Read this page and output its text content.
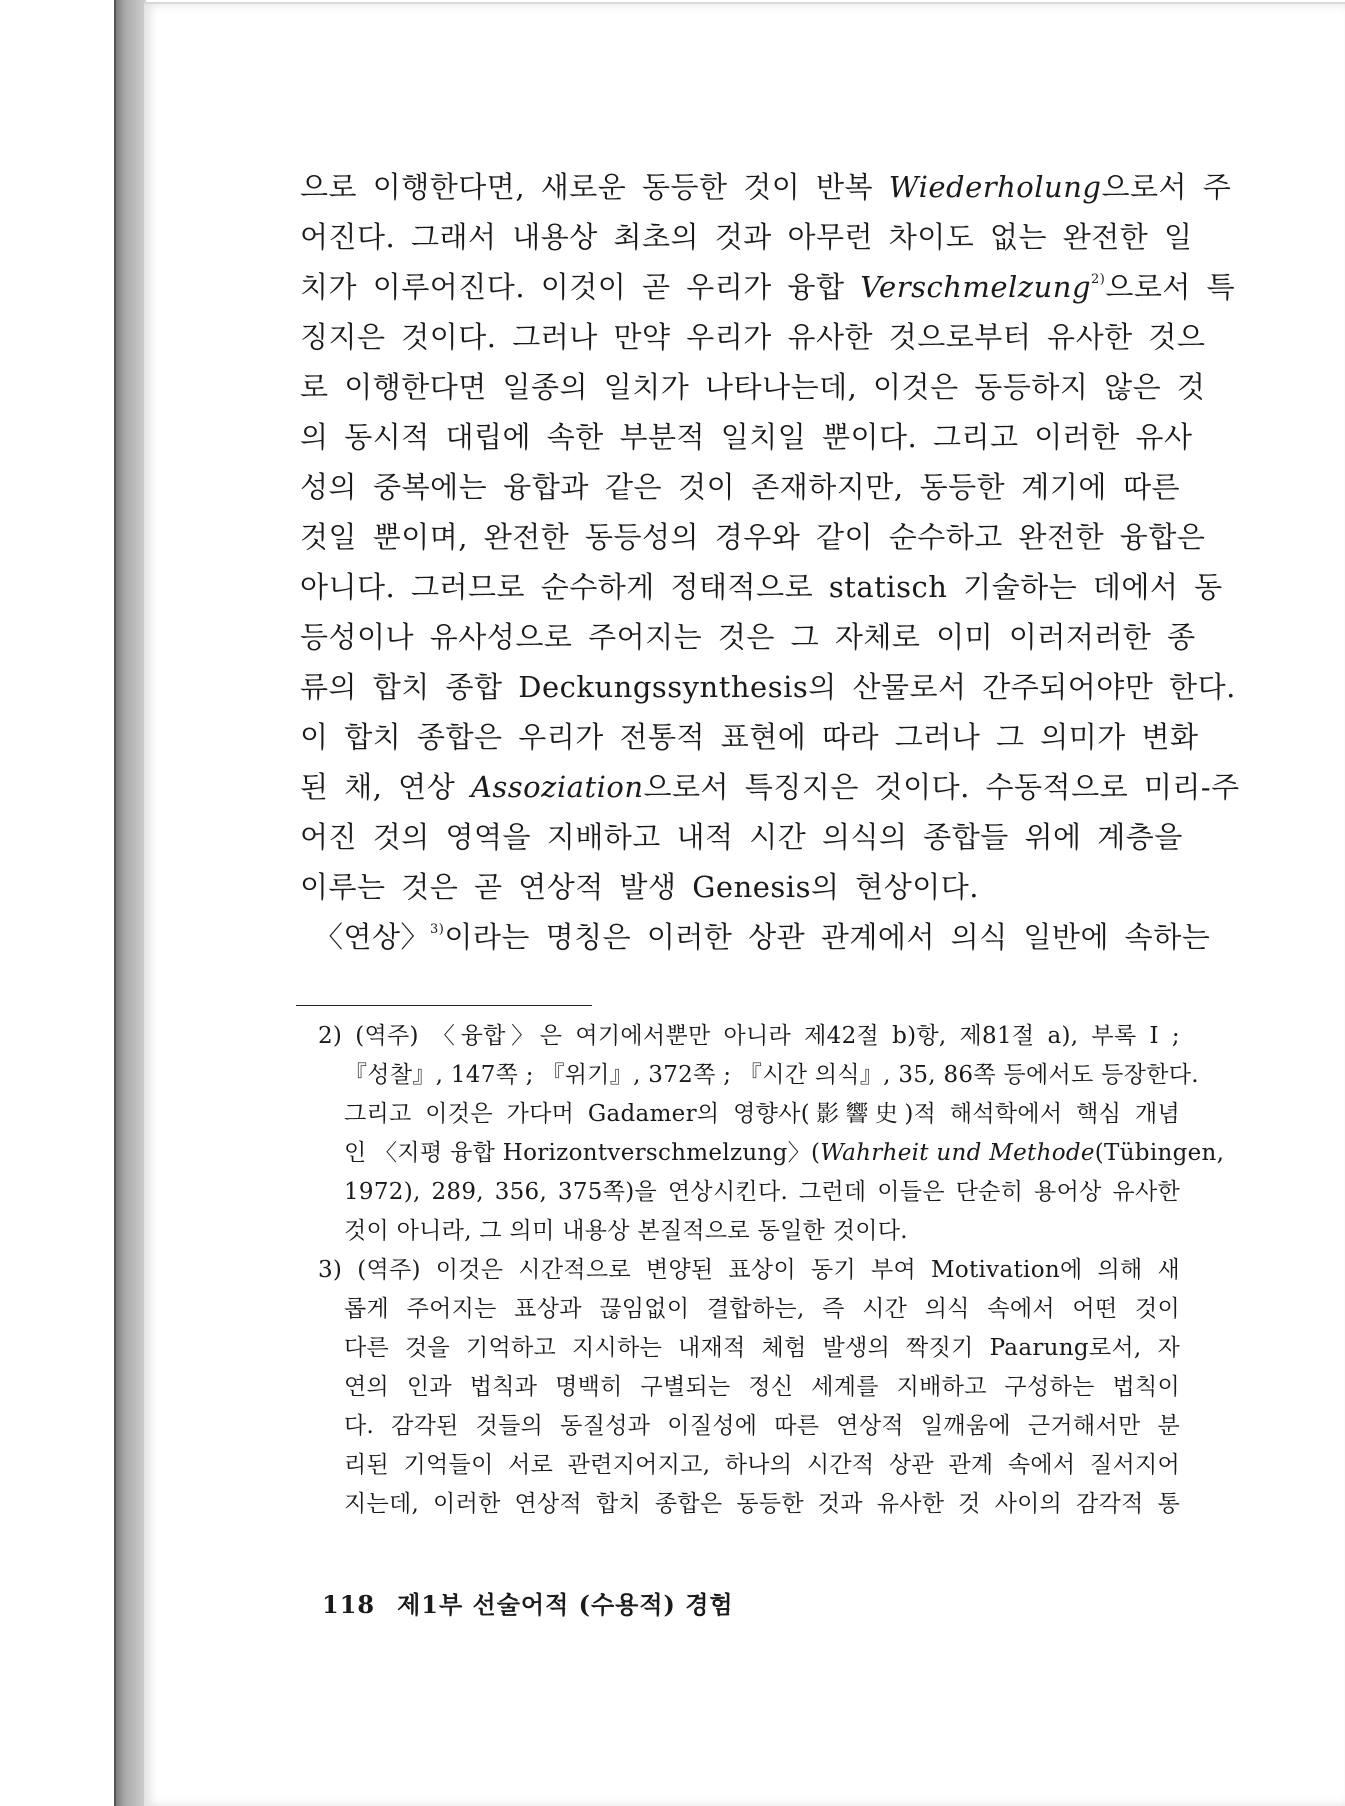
으로 이행한다면, 새로운 동등한 것이 반복 Wiederholung으로서 주
어진다. 그래서 내용상 최초의 것과 아무런 차이도 없는 완전한 일
치가 이루어진다. 이것이 곧 우리가 융합 Verschmelzung$^{2)}$으로서 특
징지은 것이다. 그러나 만약 우리가 유사한 것으로부터 유사한 것으
로 이행한다면 일종의 일치가 나타나는데, 이것은 동등하지 않은 것
의 동시적 대립에 속한 부분적 일치일 뿐이다. 그리고 이러한 유사
성의 중복에는 융합과 같은 것이 존재하지만, 동등한 계기에 따른
것일 뿐이며, 완전한 동등성의 경우와 같이 순수하고 완전한 융합은
아니다. 그러므로 순수하게 정태적으로 statisch 기술하는 데에서 동
등성이나 유사성으로 주어지는 것은 그 자체로 이미 이러저러한 종
류의 합치 종합 Deckungssynthesis의 산물로서 간주되어야만 한다.
이 합치 종합은 우리가 전통적 표현에 따라 그러나 그 의미가 변화
된 채, 연상 Assoziation으로서 특징지은 것이다. 수동적으로 미리-주
어진 것의 영역을 지배하고 내적 시간 의식의 종합들 위에 계층을
이루는 것은 곧 연상적 발생 Genesis의 현상이다.
〈연상〉$^{3)}$이라는 명칭은 이러한 상관 관계에서 의식 일반에 속하는
2) (역주) 〈융합〉은 여기에서뿐만 아니라 제42절 b)항, 제81절 a), 부록 I ;
『성찰』, 147쪽 ; 『위기』, 372쪽 ; 『시간 의식』, 35, 86쪽 등에서도 등장한다.
그리고 이것은 가다머 Gadamer의 영향사(影響史)적 해석학에서 핵심 개념
인 〈지평 융합 Horizontverschmelzung〉(Wahrheit und Methode(Tübingen,
1972), 289, 356, 375쪽)을 연상시킨다. 그런데 이들은 단순히 용어상 유사한
것이 아니라, 그 의미 내용상 본질적으로 동일한 것이다.
3) (역주) 이것은 시간적으로 변양된 표상이 동기 부여 Motivation에 의해 새
롭게 주어지는 표상과 끊임없이 결합하는, 즉 시간 의식 속에서 어떤 것이
다른 것을 기억하고 지시하는 내재적 체험 발생의 짝짓기 Paarung로서, 자
연의 인과 법칙과 명백히 구별되는 정신 세계를 지배하고 구성하는 법칙이
다. 감각된 것들의 동질성과 이질성에 따른 연상적 일깨움에 근거해서만 분
리된 기억들이 서로 관련지어지고, 하나의 시간적 상관 관계 속에서 질서지어
지는데, 이러한 연상적 합치 종합은 동등한 것과 유사한 것 사이의 감각적 통
118 제1부 선술어적 (수용적) 경험
